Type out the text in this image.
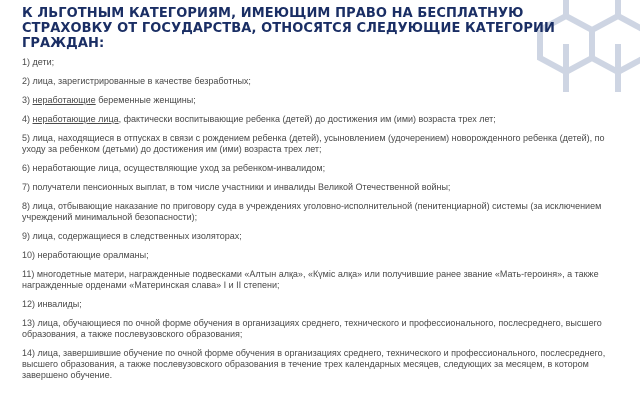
К ЛЬГОТНЫМ КАТЕГОРИЯМ, ИМЕЮЩИМ ПРАВО НА БЕСПЛАТНУЮ СТРАХОВКУ ОТ ГОСУДАРСТВА, ОТНОСЯТСЯ СЛЕДУЮЩИЕ КАТЕГОРИИ ГРАЖДАН:
1) дети;
2) лица, зарегистрированные в качестве безработных;
3) неработающие беременные женщины;
4) неработающие лица, фактически воспитывающие ребенка (детей) до достижения им (ими) возраста трех лет;
5) лица, находящиеся в отпусках в связи с рождением ребенка (детей), усыновлением (удочерением) новорожденного ребенка (детей), по уходу за ребенком (детьми) до достижения им (ими) возраста трех лет;
6) неработающие лица, осуществляющие уход за ребенком-инвалидом;
7) получатели пенсионных выплат, в том числе участники и инвалиды Великой Отечественной войны;
8) лица, отбывающие наказание по приговору суда в учреждениях уголовно-исполнительной (пенитенциарной) системы (за исключением учреждений минимальной безопасности);
9) лица, содержащиеся в следственных изоляторах;
10) неработающие оралманы;
11) многодетные матери, награжденные подвесками «Алтын алқа», «Күміс алқа» или получившие ранее звание «Мать-героиня», а также награжденные орденами «Материнская слава» I и II степени;
12) инвалиды;
13) лица, обучающиеся по очной форме обучения в организациях среднего, технического и профессионального, послесреднего, высшего образования, а также послевузовского образования;
14) лица, завершившие обучение по очной форме обучения в организациях среднего, технического и профессионального, послесреднего, высшего образования, а также послевузовского образования в течение трех календарных месяцев, следующих за месяцем, в котором завершено обучение.
